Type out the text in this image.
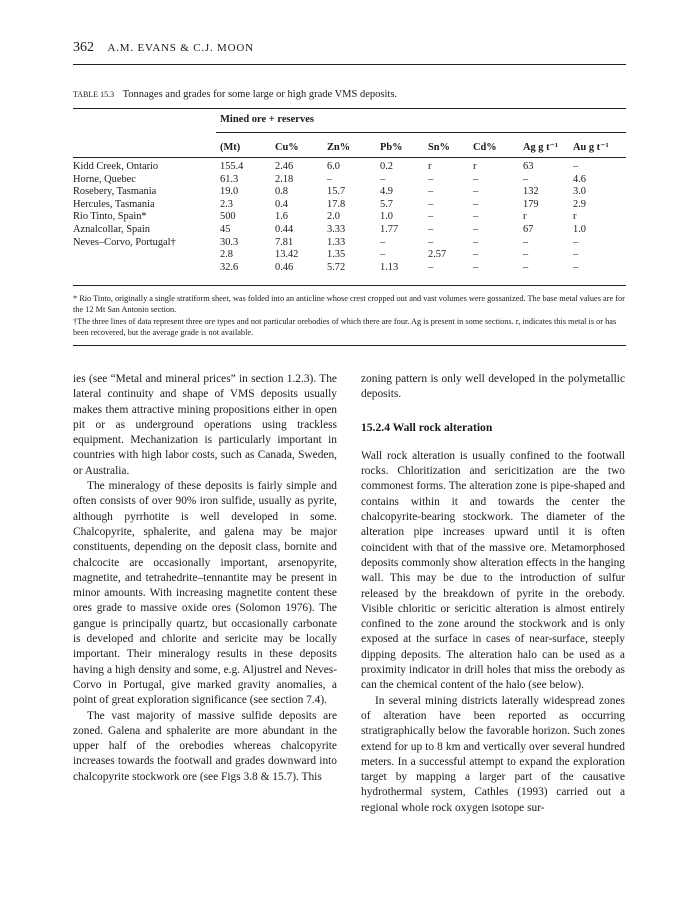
362 A.M. EVANS & C.J. MOON
TABLE 15.3 Tonnages and grades for some large or high grade VMS deposits.
Mined ore + reserves
	(Mt)	Cu%	Zn%	Pb%	Sn%	Cd%	Ag g t⁻¹	Au g t⁻¹
Kidd Creek, Ontario	155.4	2.46	6.0	0.2	r	r	63	–
Horne, Quebec	61.3	2.18	–	–	–	–	–	4.6
Rosebery, Tasmania	19.0	0.8	15.7	4.9	–	–	132	3.0
Hercules, Tasmania	2.3	0.4	17.8	5.7	–	–	179	2.9
Rio Tinto, Spain*	500	1.6	2.0	1.0	–	–	r	r
Aznalcollar, Spain	45	0.44	3.33	1.77	–	–	67	1.0
Neves–Corvo, Portugal†	30.3	7.81	1.33	–	–	–	–	–
	2.8	13.42	1.35	–	2.57	–	–	–
	32.6	0.46	5.72	1.13	–	–	–	–

* Rio Tinto, originally a single stratiform sheet, was folded into an anticline whose crest cropped out and vast volumes were gossanized. The base metal values are for the 12 Mt San Antonio section.

†The three lines of data represent three ore types and not particular orebodies of which there are four. Ag is present in some sections. r, indicates this metal is or has been recovered, but the average grade is not available.

ies (see “Metal and mineral prices” in section 1.2.3). The lateral continuity and shape of VMS deposits usually makes them attractive mining propositions either in open pit or as underground operations using trackless equipment. Mechanization is particularly important in countries with high labor costs, such as Canada, Sweden, or Australia.

The mineralogy of these deposits is fairly simple and often consists of over 90% iron sulfide, usually as pyrite, although pyrrhotite is well developed in some. Chalcopyrite, sphalerite, and galena may be major constituents, depending on the deposit class, bornite and chalcocite are occasionally important, arsenopyrite, magnetite, and tetrahedrite–tennantite may be present in minor amounts. With increasing magnetite content these ores grade to massive oxide ores (Solomon 1976). The gangue is principally quartz, but occasionally carbonate is developed and chlorite and sericite may be locally important. Their mineralogy results in these deposits having a high density and some, e.g. Aljustrel and Neves-Corvo in Portugal, give marked gravity anomalies, a point of great exploration significance (see section 7.4).

The vast majority of massive sulfide deposits are zoned. Galena and sphalerite are more abundant in the upper half of the orebodies whereas chalcopyrite increases towards the footwall and grades downward into chalcopyrite stockwork ore (see Figs 3.8 & 15.7). This

zoning pattern is only well developed in the polymetallic deposits.

15.2.4 Wall rock alteration

Wall rock alteration is usually confined to the footwall rocks. Chloritization and sericitization are the two commonest forms. The alteration zone is pipe-shaped and contains within it and towards the center the chalcopyrite-bearing stockwork. The diameter of the alteration pipe increases upward until it is often coincident with that of the massive ore. Metamorphosed deposits commonly show alteration effects in the hanging wall. This may be due to the introduction of sulfur released by the breakdown of pyrite in the orebody. Visible chloritic or sericitic alteration is almost entirely confined to the zone around the stockwork and is only exposed at the surface in cases of near-surface, steeply dipping deposits. The alteration halo can be used as a proximity indicator in drill holes that miss the orebody as can the chemical content of the halo (see below).

In several mining districts laterally widespread zones of alteration have been reported as occurring stratigraphically below the favorable horizon. Such zones extend for up to 8 km and vertically over several hundred meters. In a successful attempt to expand the exploration target by mapping a larger part of the causative hydrothermal system, Cathles (1993) carried out a regional whole rock oxygen isotope sur-
